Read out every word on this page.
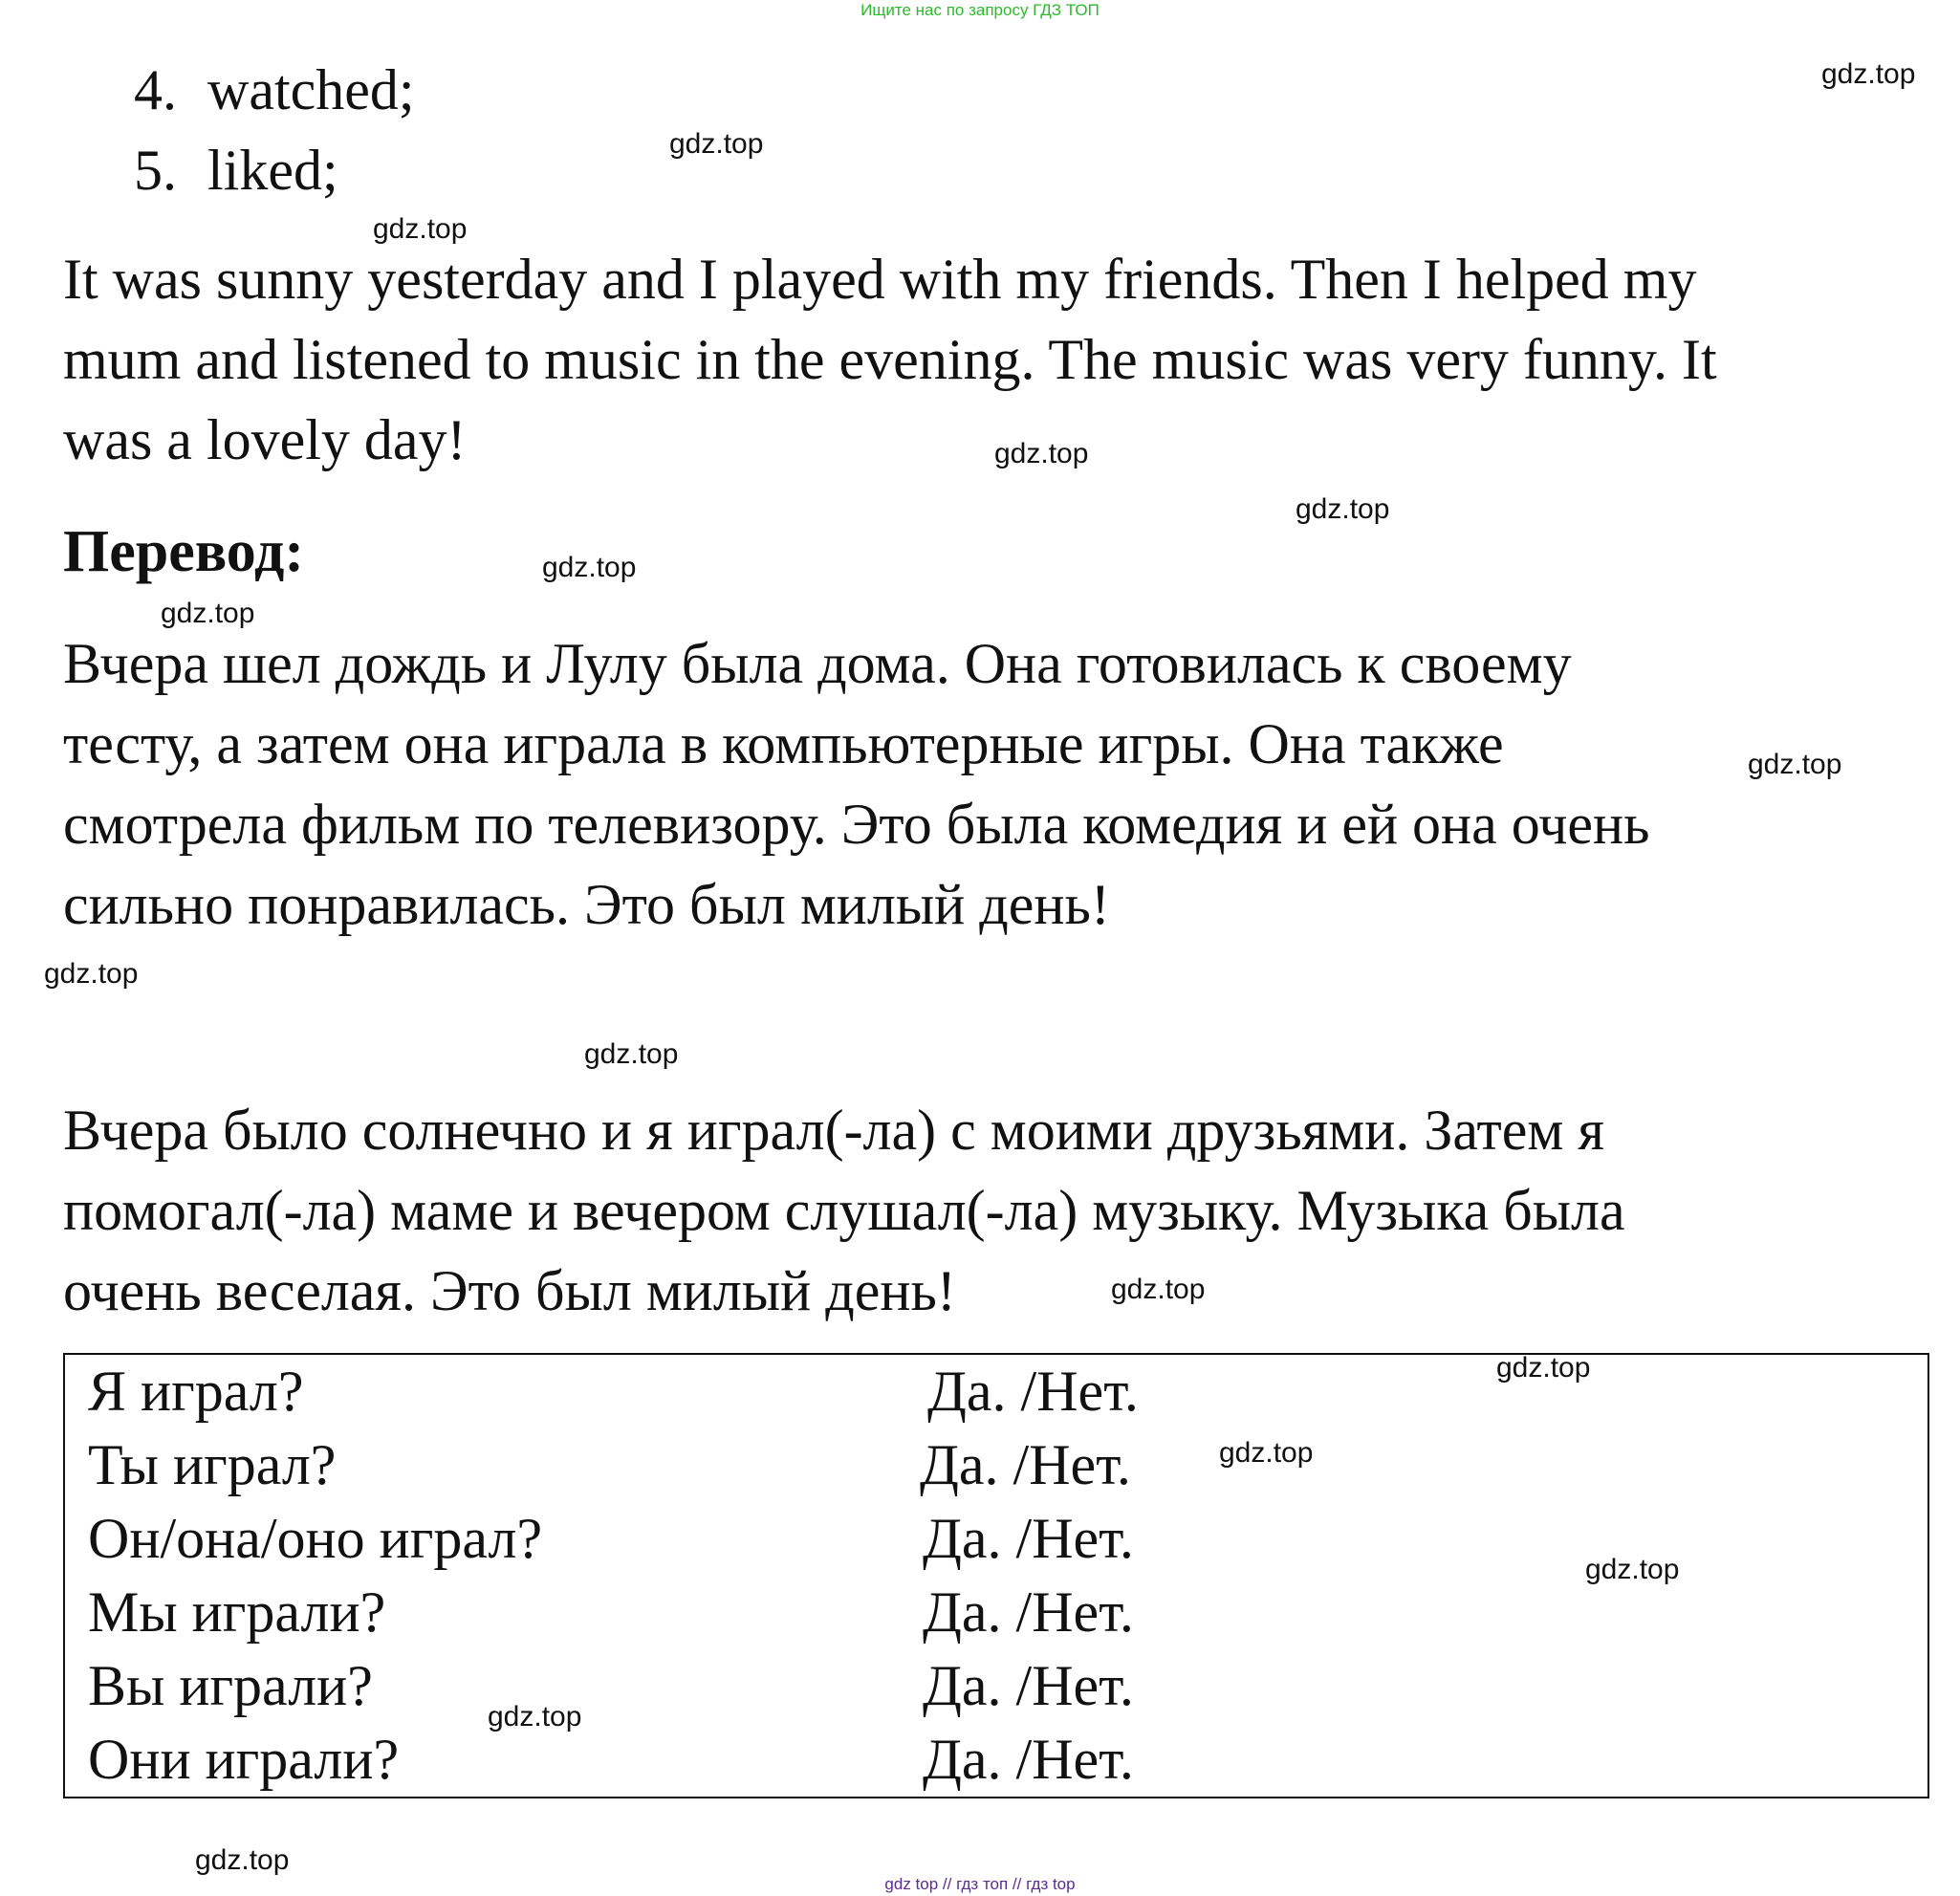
Ищите нас по запросу ГДЗ ТОП
4. watched;
5. liked;
It was sunny yesterday and I played with my friends. Then I helped my
mum and listened to music in the evening. The music was very funny. It
was a lovely day!
Перевод:
Вчера шел дождь и Лулу была дома. Она готовилась к своему
тесту, а затем она играла в компьютерные игры. Она также
смотрела фильм по телевизору. Это была комедия и ей она очень
сильно понравилась. Это был милый день!
Вчера было солнечно и я играл(-ла) с моими друзьями. Затем я
помогал(-ла) маме и вечером слушал(-ла) музыку. Музыка была
очень веселая. Это был милый день!
Я играл?	Да. /Нет.
Ты играл?	Да. /Нет.
Он/она/оно играл?	Да. /Нет.
Мы играли?	Да. /Нет.
Вы играли?	Да. /Нет.
Они играли?	Да. /Нет.
gdz.top
gdz.top
gdz.top
gdz.top
gdz.top
gdz.top
gdz.top
gdz.top
gdz.top
gdz.top
gdz.top
gdz.top
gdz.top
gdz.top
gdz.top
gdz.top
gdz top // гдз топ // гдз top
